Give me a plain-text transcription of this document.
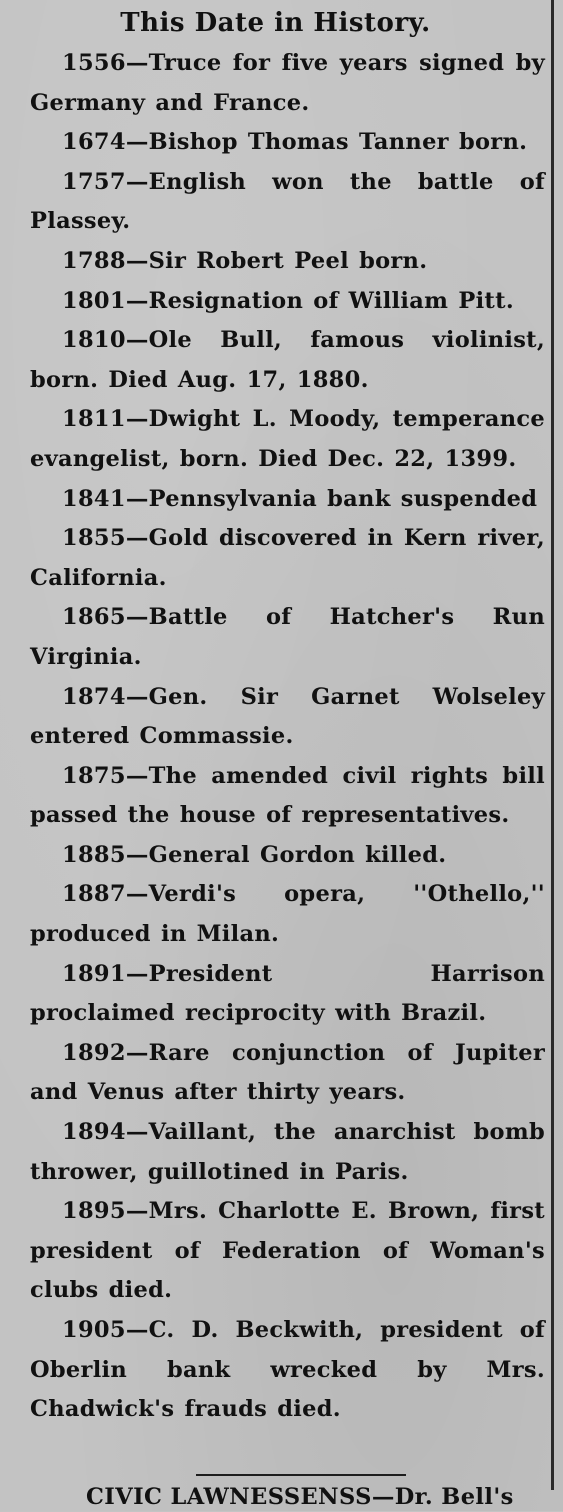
This Date in History.

1556—Truce for five years signed by Germany and France.

1674—Bishop Thomas Tanner born.

1757—English won the battle of Plassey.

1788—Sir Robert Peel born.

1801—Resignation of William Pitt.

1810—Ole Bull, famous violinist, born. Died Aug. 17, 1880.

1811—Dwight L. Moody, temperance evangelist, born. Died Dec. 22, 1399.

1841—Pennsylvania bank suspended

1855—Gold discovered in Kern river, California.

1865—Battle of Hatcher's Run Virginia.

1874—Gen. Sir Garnet Wolseley entered Commassie.

1875—The amended civil rights bill passed the house of representatives.

1885—General Gordon killed.

1887—Verdi's opera, ''Othello,'' produced in Milan.

1891—President Harrison proclaimed reciprocity with Brazil.

1892—Rare conjunction of Jupiter and Venus after thirty years.

1894—Vaillant, the anarchist bomb thrower, guillotined in Paris.

1895—Mrs. Charlotte E. Brown, first president of Federation of Woman's clubs died.

1905—C. D. Beckwith, president of Oberlin bank wrecked by Mrs. Chadwick's frauds died.

CIVIC LAWNESSENSS—Dr. Bell's
